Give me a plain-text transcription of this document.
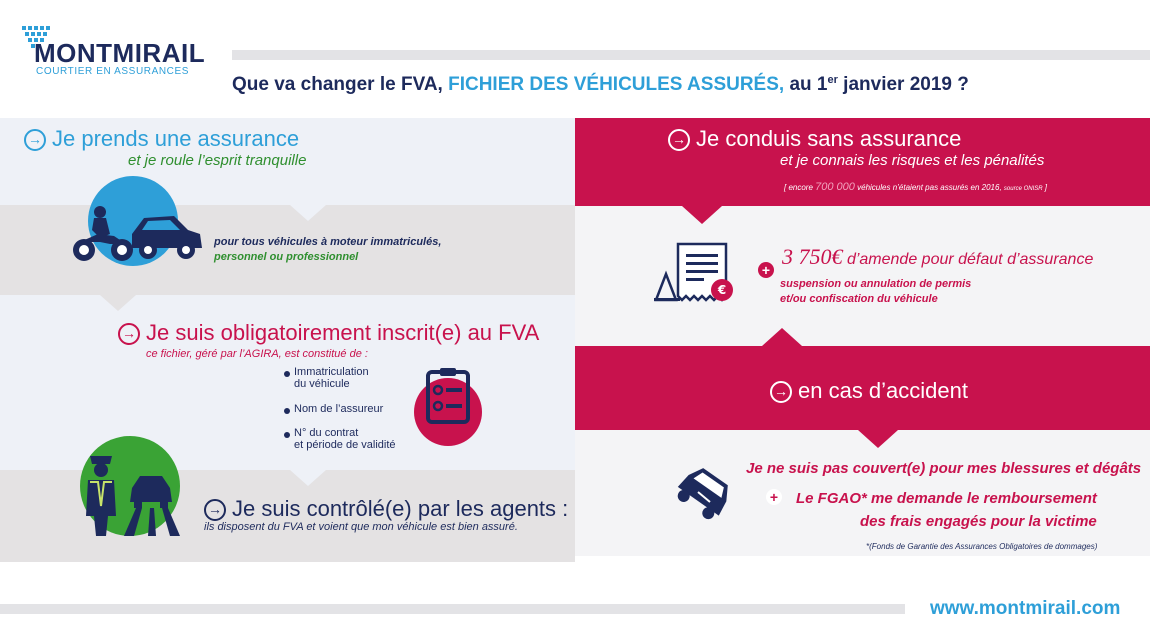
MONTMIRAIL
COURTIER EN ASSURANCES
Que va changer le FVA, FICHIER DES VÉHICULES ASSURÉS, au 1er janvier 2019 ?
→ Je prends une assurance
et je roule l’esprit tranquille
pour tous véhicules à moteur immatriculés,
personnel ou professionnel
→ Je suis obligatoirement inscrit(e) au FVA
ce fichier, géré par l’AGIRA, est constitué de :
Immatriculation
du véhicule
Nom de l’assureur
N° du contrat
et période de validité
→ Je suis contrôlé(e) par les agents :
ils disposent du FVA et voient que mon véhicule est bien assuré.
→ Je conduis sans assurance
et je connais les risques et les pénalités
[ encore 700 000 véhicules n’étaient pas assurés en 2016, source ONISR ]
€
+
3 750€ d’amende pour défaut d’assurance
suspension ou annulation de permis
et/ou confiscation du véhicule
→ en cas d’accident
Je ne suis pas couvert(e) pour mes blessures et dégâts
+ Le FGAO* me demande le remboursement
des frais engagés pour la victime
*(Fonds de Garantie des Assurances Obligatoires de dommages)
www.montmirail.com
